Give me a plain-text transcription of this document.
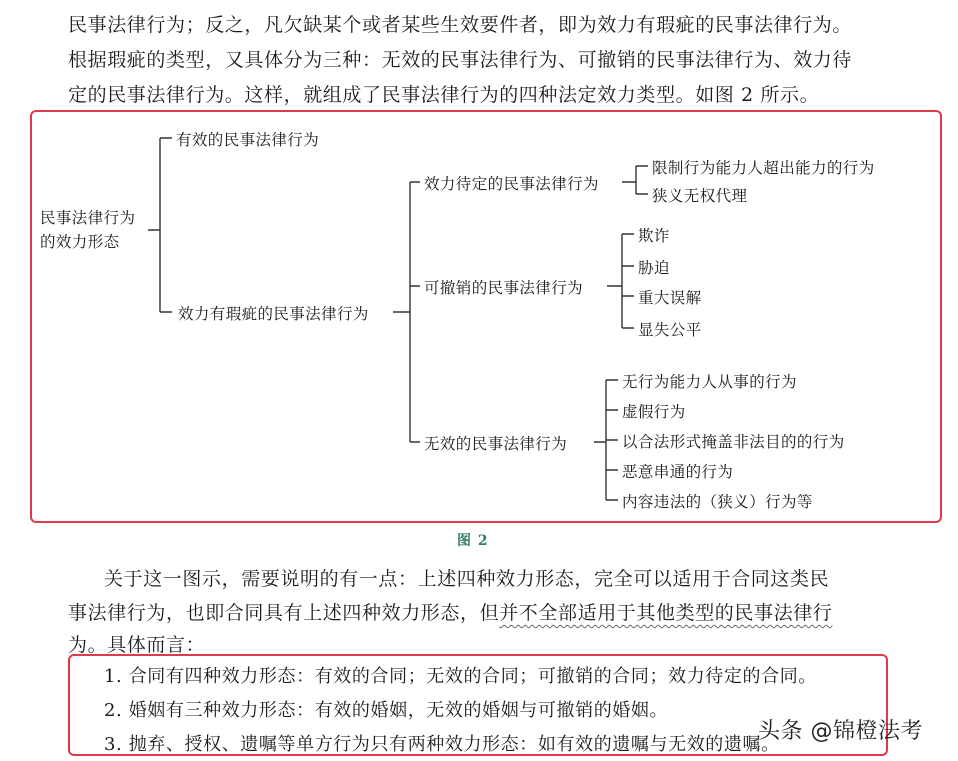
民事法律行为；反之，凡欠缺某个或者某些生效要件者，即为效力有瑕疵的民事法律行为。
根据瑕疵的类型，又具体分为三种：无效的民事法律行为、可撤销的民事法律行为、效力待
定的民事法律行为。这样，就组成了民事法律行为的四种法定效力类型。如图 2 所示。
民事法律行为
的效力形态
有效的民事法律行为
效力有瑕疵的民事法律行为
效力待定的民事法律行为
限制行为能力人超出能力的行为
狭义无权代理
可撤销的民事法律行为
欺诈
胁迫
重大误解
显失公平
无效的民事法律行为
无行为能力人从事的行为
虚假行为
以合法形式掩盖非法目的的行为
恶意串通的行为
内容违法的（狭义）行为等
图 2
关于这一图示，需要说明的有一点：上述四种效力形态，完全可以适用于合同这类民
事法律行为，也即合同具有上述四种效力形态，但并不全部适用于其他类型的民事法律行
为。具体而言：
1. 合同有四种效力形态：有效的合同；无效的合同；可撤销的合同；效力待定的合同。
2. 婚姻有三种效力形态：有效的婚姻，无效的婚姻与可撤销的婚姻。
3. 抛弃、授权、遗嘱等单方行为只有两种效力形态：如有效的遗嘱与无效的遗嘱。
头条 @锦橙法考
